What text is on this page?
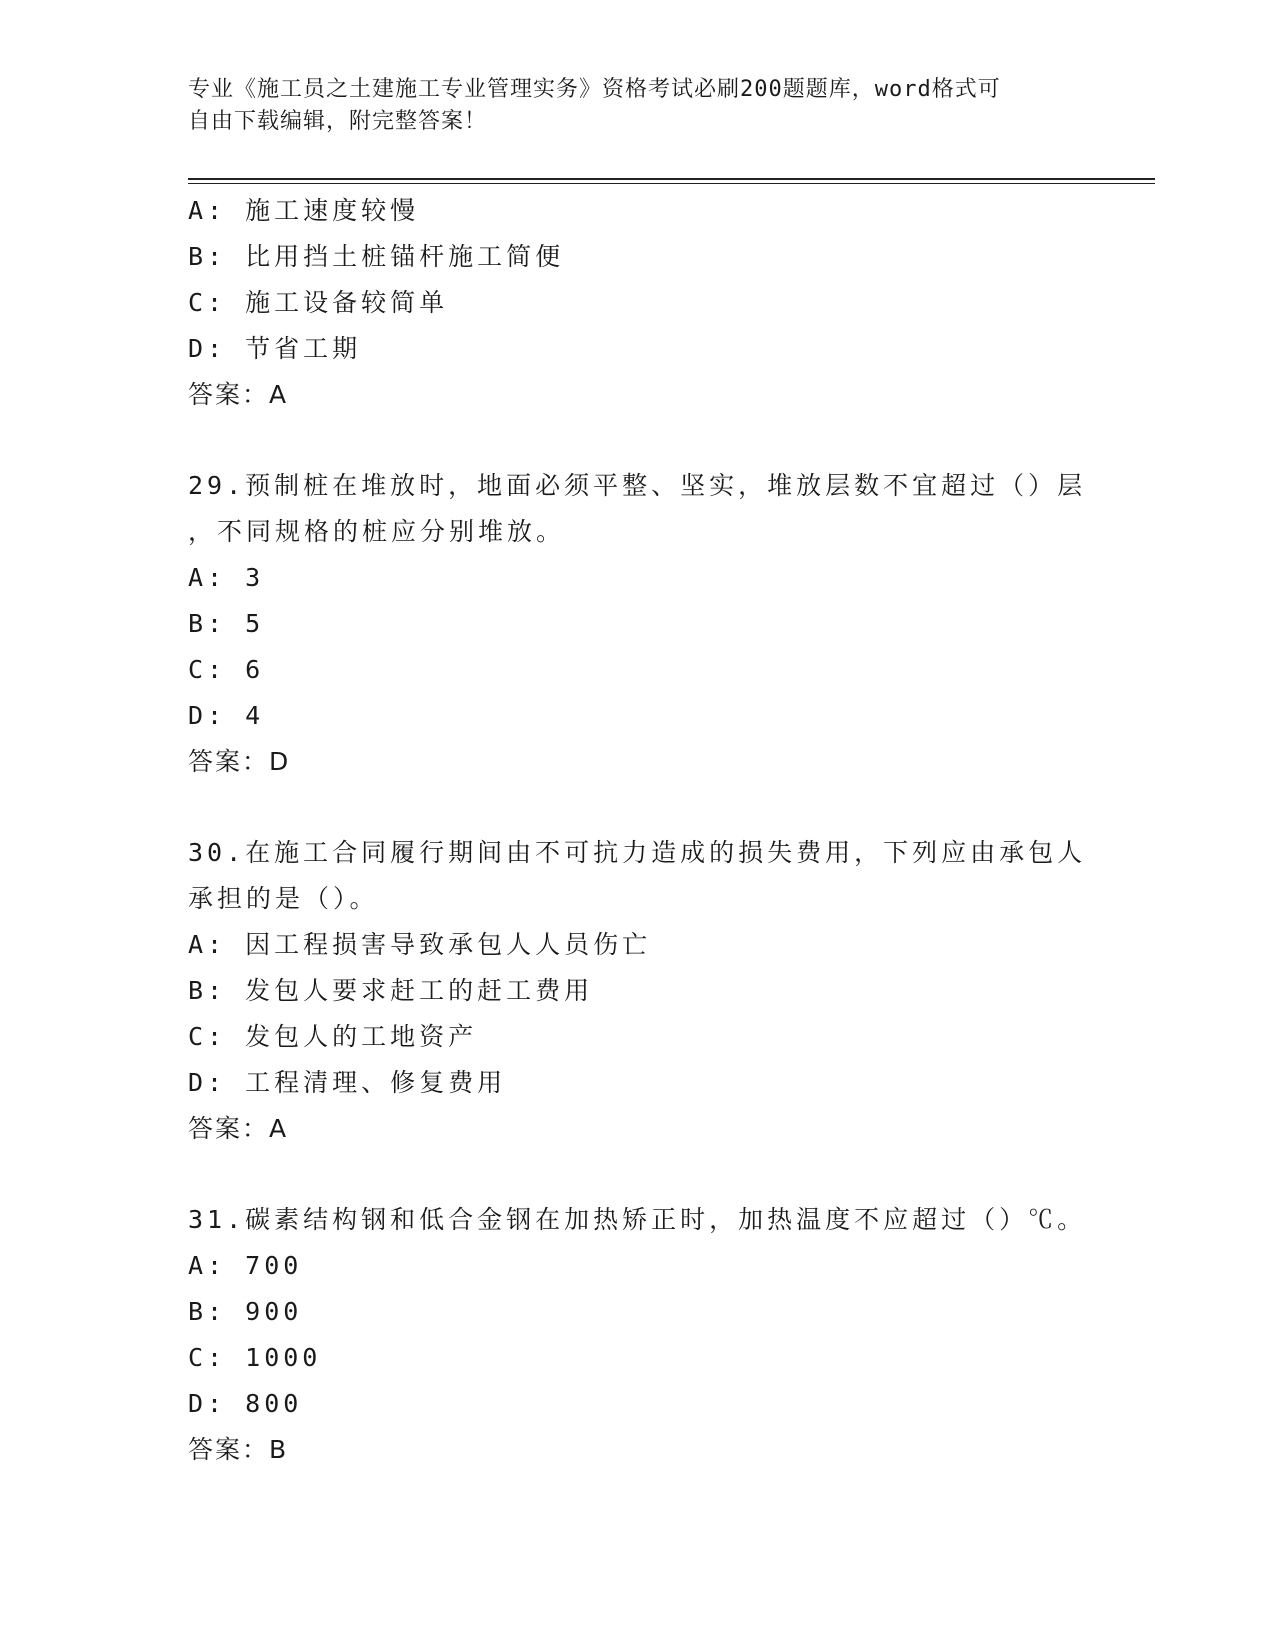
专业《施工员之土建施工专业管理实务》资格考试必刷200题题库，word格式可
自由下载编辑，附完整答案！
A: 施工速度较慢
B: 比用挡土桩锚杆施工简便
C: 施工设备较简单
D: 节省工期
答案：A
29.预制桩在堆放时，地面必须平整、坚实，堆放层数不宜超过（）层
，不同规格的桩应分别堆放。
A: 3
B: 5
C: 6
D: 4
答案：D
30.在施工合同履行期间由不可抗力造成的损失费用，下列应由承包人
承担的是（）。
A: 因工程损害导致承包人人员伤亡
B: 发包人要求赶工的赶工费用
C: 发包人的工地资产
D: 工程清理、修复费用
答案：A
31.碳素结构钢和低合金钢在加热矫正时，加热温度不应超过（）℃。
A: 700
B: 900
C: 1000
D: 800
答案：B
